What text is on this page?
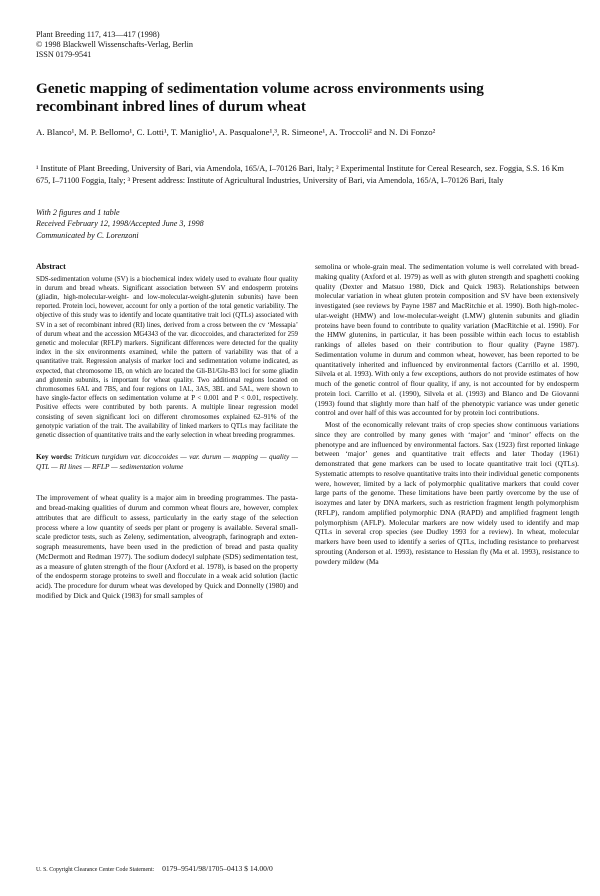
Plant Breeding 117, 413—417 (1998)
© 1998 Blackwell Wissenschafts-Verlag, Berlin
ISSN 0179-9541
Genetic mapping of sedimentation volume across environments using recombinant inbred lines of durum wheat
A. Blanco¹, M. P. Bellomo¹, C. Lotti¹, T. Maniglio¹, A. Pasqualone¹,³, R. Simeone¹, A. Troccoli² and N. Di Fonzo²
¹ Institute of Plant Breeding, University of Bari, via Amendola, 165/A, I–70126 Bari, Italy; ² Experimental Institute for Cereal Research, sez. Foggia, S.S. 16 Km 675, I–71100 Foggia, Italy; ³ Present address: Institute of Agricultural Industries, University of Bari, via Amendola, 165/A, I–70126 Bari, Italy
With 2 figures and 1 table
Received February 12, 1998/Accepted June 3, 1998
Communicated by C. Lorenzoni
Abstract

SDS-sedimentation volume (SV) is a biochemical index widely used to evaluate flour quality in durum and bread wheats. Significant association between SV and endosperm proteins (gliadin, high-molecular-weight- and low-molecular-weight-glutenin subunits) have been reported. Protein loci, however, account for only a portion of the total genetic variability. The objective of this study was to identify and locate quantitative trait loci (QTLs) associated with SV in a set of recombinant inbred (RI) lines, derived from a cross between the cv ‘Messapia’ of durum wheat and the accession MG4343 of the var. dicoccoides, and characterized for 259 genetic and molecular (RFLP) markers. Significant differences were detected for the quality index in the six environments examined, while the pattern of variability was that of a quantitative trait. Regression analysis of marker loci and sedimentation volume indicated, as expected, that chromosome 1B, on which are located the Gli-B1/Glu-B3 loci for some gliadin and glutenin subunits, is important for wheat quality. Two additional regions located on chromosomes 6AL and 7BS, and four regions on 1AL, 3AS, 3BL and 5AL, were shown to have single-factor effects on sedimentation volume at P < 0.001 and P < 0.01, respectively. Positive effects were contributed by both parents. A multiple linear regression model consisting of seven significant loci on different chromosomes explained 62–91% of the genotypic variation of the trait. The availability of linked markers to QTLs may facilitate the genetic dissection of quantitative traits and the early selection in wheat breeding programmes.

Key words: Triticum turgidum var. dicoccoides — var. durum — mapping — quality — QTL — RI lines — RFLP — sedimentation volume

The improvement of wheat quality is a major aim in breeding programmes. The pasta- and bread-making qualities of durum and common wheat flours are, however, complex attributes that are difficult to assess, particularly in the early stage of the selection process where a low quantity of seeds per plant or progeny is available. Several small-scale predictor tests, such as Zeleny, sedimentation, alveograph, farinograph and extensograph measurements, have been used in the prediction of bread and pasta quality (McDermott and Redman 1977). The sodium dodecyl sulphate (SDS) sedimentation test, as a measure of gluten strength of the flour (Axford et al. 1978), is based on the property of the endosperm storage proteins to swell and flocculate in a weak acid solution (lactic acid). The procedure for durum wheat was developed by Quick and Donnelly (1980) and modified by Dick and Quick (1983) for small samples of

semolina or whole-grain meal. The sedimentation volume is well correlated with bread-making quality (Axford et al. 1979) as well as with gluten strength and spaghetti cooking quality (Dexter and Matsuo 1980, Dick and Quick 1983). Relationships between molecular variation in wheat gluten protein composition and SV have been extensively investigated (see reviews by Payne 1987 and MacRitchie et al. 1990). Both high-molecular-weight (HMW) and low-molecular-weight (LMW) glutenin subunits and gliadin proteins have been found to contribute to quality variation (MacRitchie et al. 1990). For the HMW glutenins, in particular, it has been possible within each locus to establish rankings of alleles based on their contribution to flour quality (Payne 1987). Sedimentation volume in durum and common wheat, however, has been reported to be quantitatively inherited and influenced by environmental factors (Carrillo et al. 1990, Silvela et al. 1993). With only a few exceptions, authors do not provide estimates of how much of the genetic control of flour quality, if any, is not accounted for by endosperm protein loci. Carrillo et al. (1990), Silvela et al. (1993) and Blanco and De Giovanni (1993) found that slightly more than half of the phenotypic variance was under genetic control and over half of this was accounted for by protein loci contributions.

Most of the economically relevant traits of crop species show continuous variations since they are controlled by many genes with ‘major’ and ‘minor’ effects on the phenotype and are influenced by environmental factors. Sax (1923) first reported linkage between ‘major’ genes and quantitative trait effects and later Thoday (1961) demonstrated that gene markers can be used to locate quantitative trait loci (QTLs). Systematic attempts to resolve quantitative traits into their individual genetic components were, however, limited by a lack of polymorphic qualitative markers that could cover large parts of the genome. These limitations have been partly overcome by the use of isozymes and later by DNA markers, such as restriction fragment length polymorphism (RFLP), random amplified polymorphic DNA (RAPD) and amplified fragment length polymorphism (AFLP). Molecular markers are now widely used to identify and map QTLs in several crop species (see Dudley 1993 for a review). In wheat, molecular markers have been used to identify a series of QTLs, including resistance to preharvest sprouting (Anderson et al. 1993), resistance to Hessian fly (Ma et al. 1993), resistance to powdery mildew (Ma

U. S. Copyright Clearance Center Code Statement: 0179–9541/98/1705–0413 $ 14.00/0
